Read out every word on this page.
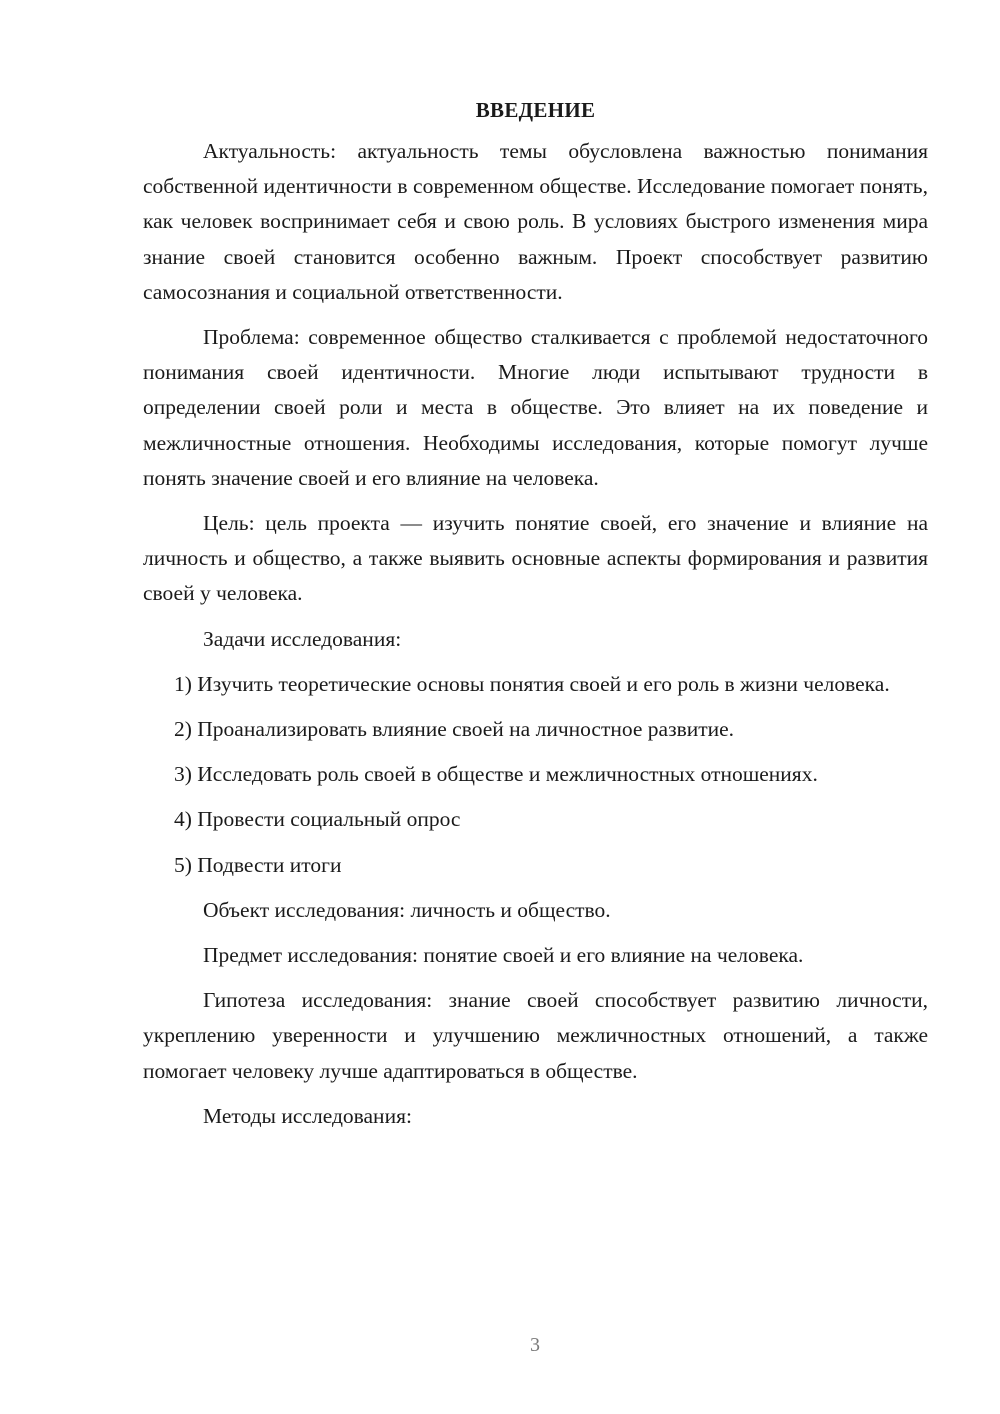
ВВЕДЕНИЕ

Актуальность: актуальность темы обусловлена важностью понимания собственной идентичности в современном обществе. Исследование помогает понять, как человек воспринимает себя и свою роль. В условиях быстрого изменения мира знание своей становится особенно важным. Проект способствует развитию самосознания и социальной ответственности.

Проблема: современное общество сталкивается с проблемой недостаточного понимания своей идентичности. Многие люди испытывают трудности в определении своей роли и места в обществе. Это влияет на их поведение и межличностные отношения. Необходимы исследования, которые помогут лучше понять значение своей и его влияние на человека.

Цель: цель проекта — изучить понятие своей, его значение и влияние на личность и общество, а также выявить основные аспекты формирования и развития своей у человека.

Задачи исследования:

1) Изучить теоретические основы понятия своей и его роль в жизни человека.

2) Проанализировать влияние своей на личностное развитие.

3) Исследовать роль своей в обществе и межличностных отношениях.

4) Провести социальный опрос

5) Подвести итоги

Объект исследования: личность и общество.

Предмет исследования: понятие своей и его влияние на человека.

Гипотеза исследования: знание своей способствует развитию личности, укреплению уверенности и улучшению межличностных отношений, а также помогает человеку лучше адаптироваться в обществе.

Методы исследования:

3
